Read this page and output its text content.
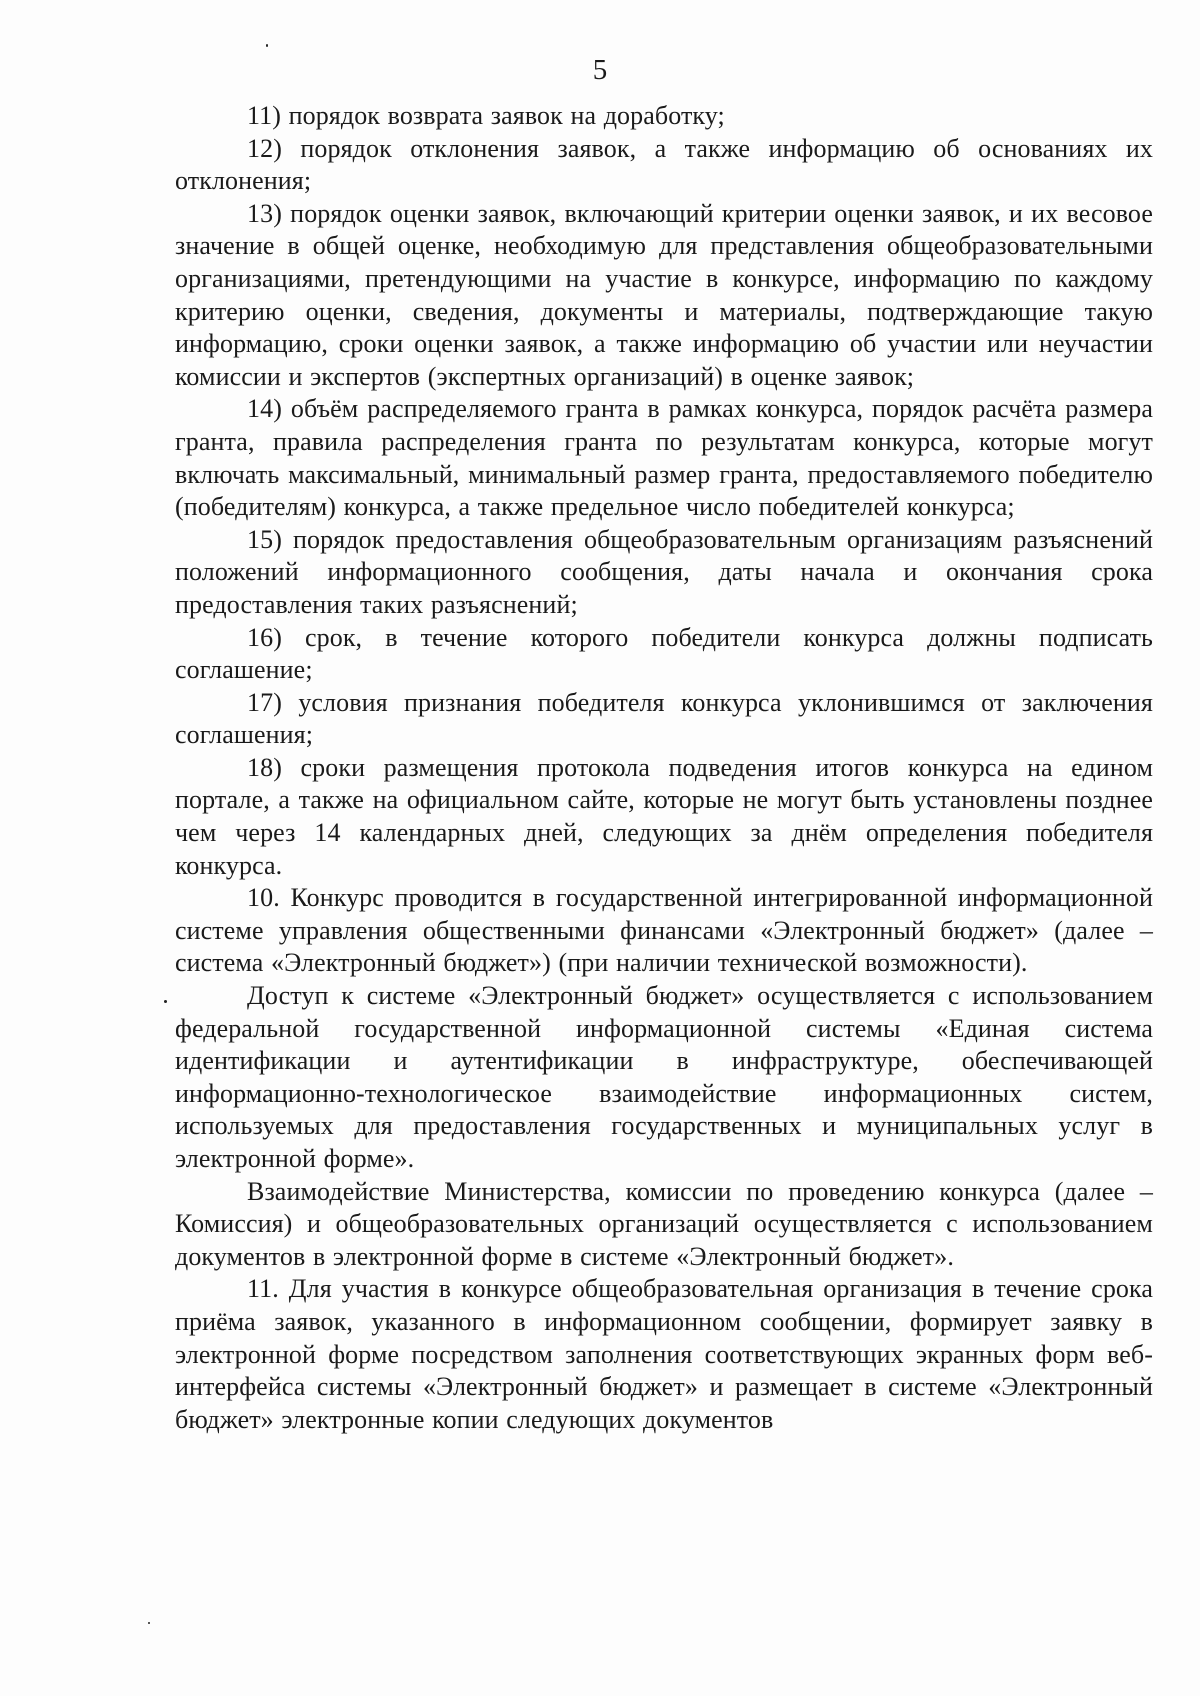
5

11) порядок возврата заявок на доработку;

12) порядок отклонения заявок, а также информацию об основаниях их отклонения;

13) порядок оценки заявок, включающий критерии оценки заявок, и их весовое значение в общей оценке, необходимую для представления общеобразовательными организациями, претендующими на участие в конкурсе, информацию по каждому критерию оценки, сведения, документы и материалы, подтверждающие такую информацию, сроки оценки заявок, а также информацию об участии или неучастии комиссии и экспертов (экспертных организаций) в оценке заявок;

14) объём распределяемого гранта в рамках конкурса, порядок расчёта размера гранта, правила распределения гранта по результатам конкурса, которые могут включать максимальный, минимальный размер гранта, предоставляемого победителю (победителям) конкурса, а также предельное число победителей конкурса;

15) порядок предоставления общеобразовательным организациям разъяснений положений информационного сообщения, даты начала и окончания срока предоставления таких разъяснений;

16) срок, в течение которого победители конкурса должны подписать соглашение;

17) условия признания победителя конкурса уклонившимся от заключения соглашения;

18) сроки размещения протокола подведения итогов конкурса на едином портале, а также на официальном сайте, которые не могут быть установлены позднее чем через 14 календарных дней, следующих за днём определения победителя конкурса.

10. Конкурс проводится в государственной интегрированной информационной системе управления общественными финансами «Электронный бюджет» (далее – система «Электронный бюджет») (при наличии технической возможности).

Доступ к системе «Электронный бюджет» осуществляется с использованием федеральной государственной информационной системы «Единая система идентификации и аутентификации в инфраструктуре, обеспечивающей информационно-технологическое взаимодействие информационных систем, используемых для предоставления государственных и муниципальных услуг в электронной форме».

Взаимодействие Министерства, комиссии по проведению конкурса (далее – Комиссия) и общеобразовательных организаций осуществляется с использованием документов в электронной форме в системе «Электронный бюджет».

11. Для участия в конкурсе общеобразовательная организация в течение срока приёма заявок, указанного в информационном сообщении, формирует заявку в электронной форме посредством заполнения соответствующих экранных форм веб-интерфейса системы «Электронный бюджет» и размещает в системе «Электронный бюджет» электронные копии следующих документов
